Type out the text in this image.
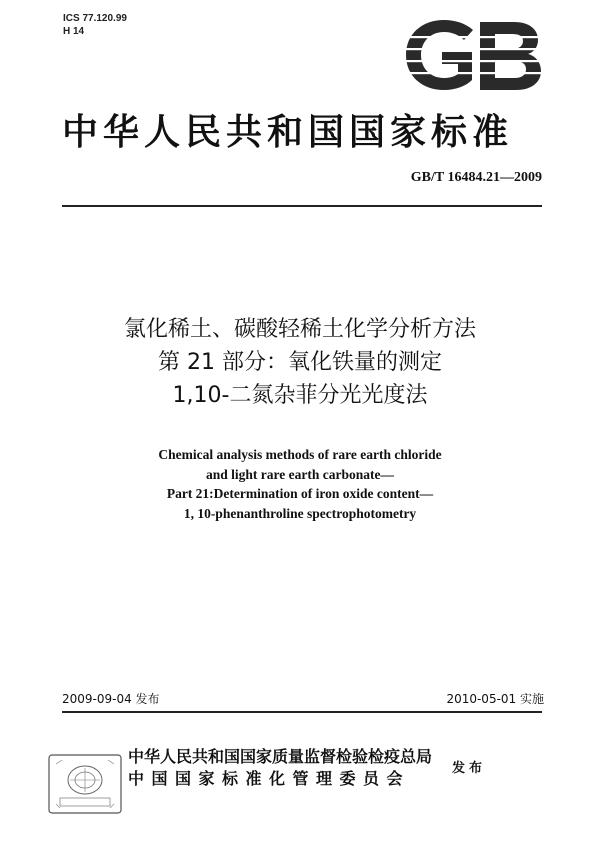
ICS 77.120.99
H 14
中华人民共和国国家标准
GB/T 16484.21—2009
氯化稀土、碳酸轻稀土化学分析方法
第 21 部分：氧化铁量的测定
1,10-二氮杂菲分光光度法
Chemical analysis methods of rare earth chloride
and light rare earth carbonate—
Part 21:Determination of iron oxide content—
1, 10-phenanthroline spectrophotometry
2009-09-04 发布	2010-05-01 实施
中华人民共和国国家质量监督检验检疫总局
中国国家标准化管理委员会
发布
